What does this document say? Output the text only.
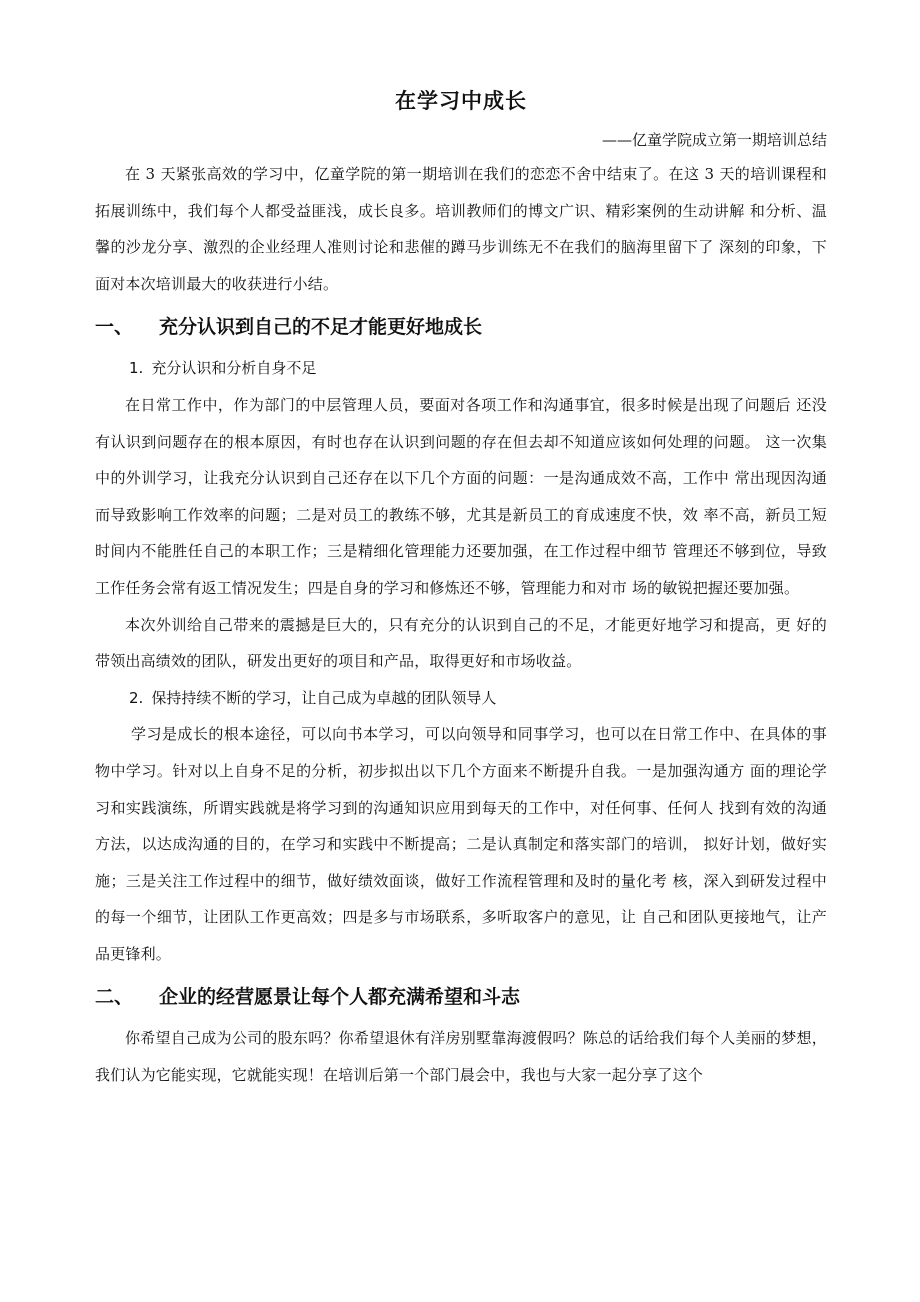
在学习中成长
——亿童学院成立第一期培训总结

在 3 天紧张高效的学习中，亿童学院的第一期培训在我们的恋恋不舍中结束了。在这 3 天的培训课程和拓展训练中，我们每个人都受益匪浅，成长良多。培训教师们的博文广识、精彩案例的生动讲解 和分析、温馨的沙龙分享、激烈的企业经理人准则讨论和悲催的蹲马步训练无不在我们的脑海里留下了 深刻的印象，下面对本次培训最大的收获进行小结。

一、	充分认识到自己的不足才能更好地成长
1. 充分认识和分析自身不足

在日常工作中，作为部门的中层管理人员，要面对各项工作和沟通事宜，很多时候是出现了问题后 还没有认识到问题存在的根本原因，有时也存在认识到问题的存在但去却不知道应该如何处理的问题。 这一次集中的外训学习，让我充分认识到自己还存在以下几个方面的问题：一是沟通成效不高，工作中 常出现因沟通而导致影响工作效率的问题；二是对员工的教练不够，尤其是新员工的育成速度不快，效 率不高，新员工短时间内不能胜任自己的本职工作；三是精细化管理能力还要加强，在工作过程中细节 管理还不够到位，导致工作任务会常有返工情况发生；四是自身的学习和修炼还不够，管理能力和对市 场的敏锐把握还要加强。

本次外训给自己带来的震撼是巨大的，只有充分的认识到自己的不足，才能更好地学习和提高，更 好的带领出高绩效的团队，研发出更好的项目和产品，取得更好和市场收益。

2. 保持持续不断的学习，让自己成为卓越的团队领导人

学习是成长的根本途径，可以向书本学习，可以向领导和同事学习，也可以在日常工作中、在具体的事物中学习。针对以上自身不足的分析，初步拟出以下几个方面来不断提升自我。一是加强沟通方 面的理论学习和实践演练，所谓实践就是将学习到的沟通知识应用到每天的工作中，对任何事、任何人 找到有效的沟通方法，以达成沟通的目的，在学习和实践中不断提高；二是认真制定和落实部门的培训， 拟好计划，做好实施；三是关注工作过程中的细节，做好绩效面谈，做好工作流程管理和及时的量化考 核，深入到研发过程中的每一个细节，让团队工作更高效；四是多与市场联系，多听取客户的意见，让 自己和团队更接地气，让产品更锋利。

二、	企业的经营愿景让每个人都充满希望和斗志

你希望自己成为公司的股东吗？你希望退休有洋房别墅靠海渡假吗？陈总的话给我们每个人美丽的梦想，我们认为它能实现，它就能实现！在培训后第一个部门晨会中，我也与大家一起分享了这个
